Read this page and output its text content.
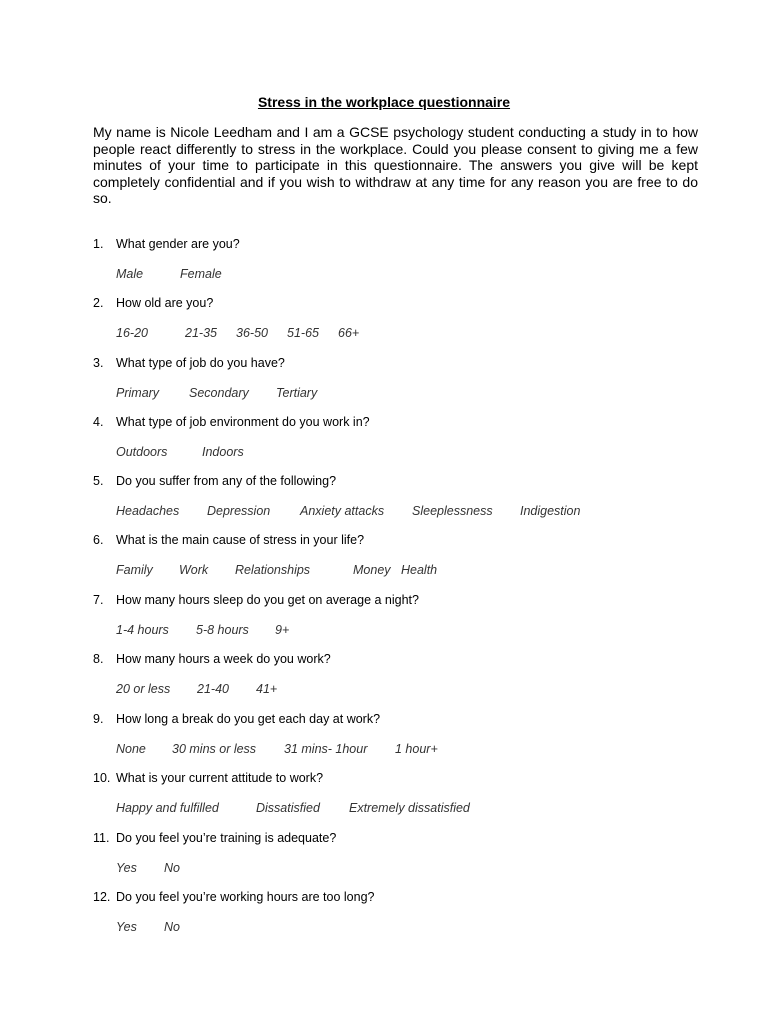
Stress in the workplace questionnaire

My name is Nicole Leedham and I am a GCSE psychology student conducting a study in to how people react differently to stress in the workplace. Could you please consent to giving me a few minutes of your time to participate in this questionnaire. The answers you give will be kept completely confidential and if you wish to withdraw at any time for any reason you are free to do so.

1. What gender are you?
Male	Female
2. How old are you?
16-20	21-35 36-50 51-65 66+
3. What type of job do you have?
Primary Secondary Tertiary
4. What type of job environment do you work in?
Outdoors	Indoors
5. Do you suffer from any of the following?
Headaches Depression Anxiety attacks Sleeplessness Indigestion
6. What is the main cause of stress in your life?
Family Work Relationships	Money Health
7. How many hours sleep do you get on average a night?
1-4 hours 5-8 hours 9+
8. How many hours a week do you work?
20 or less 21-40 41+
9. How long a break do you get each day at work?
None 30 mins or less 31 mins- 1hour 1 hour+
10. What is your current attitude to work?
Happy and fulfilled	Dissatisfied Extremely dissatisfied
11. Do you feel you’re training is adequate?
Yes No
12. Do you feel you’re working hours are too long?
Yes No
